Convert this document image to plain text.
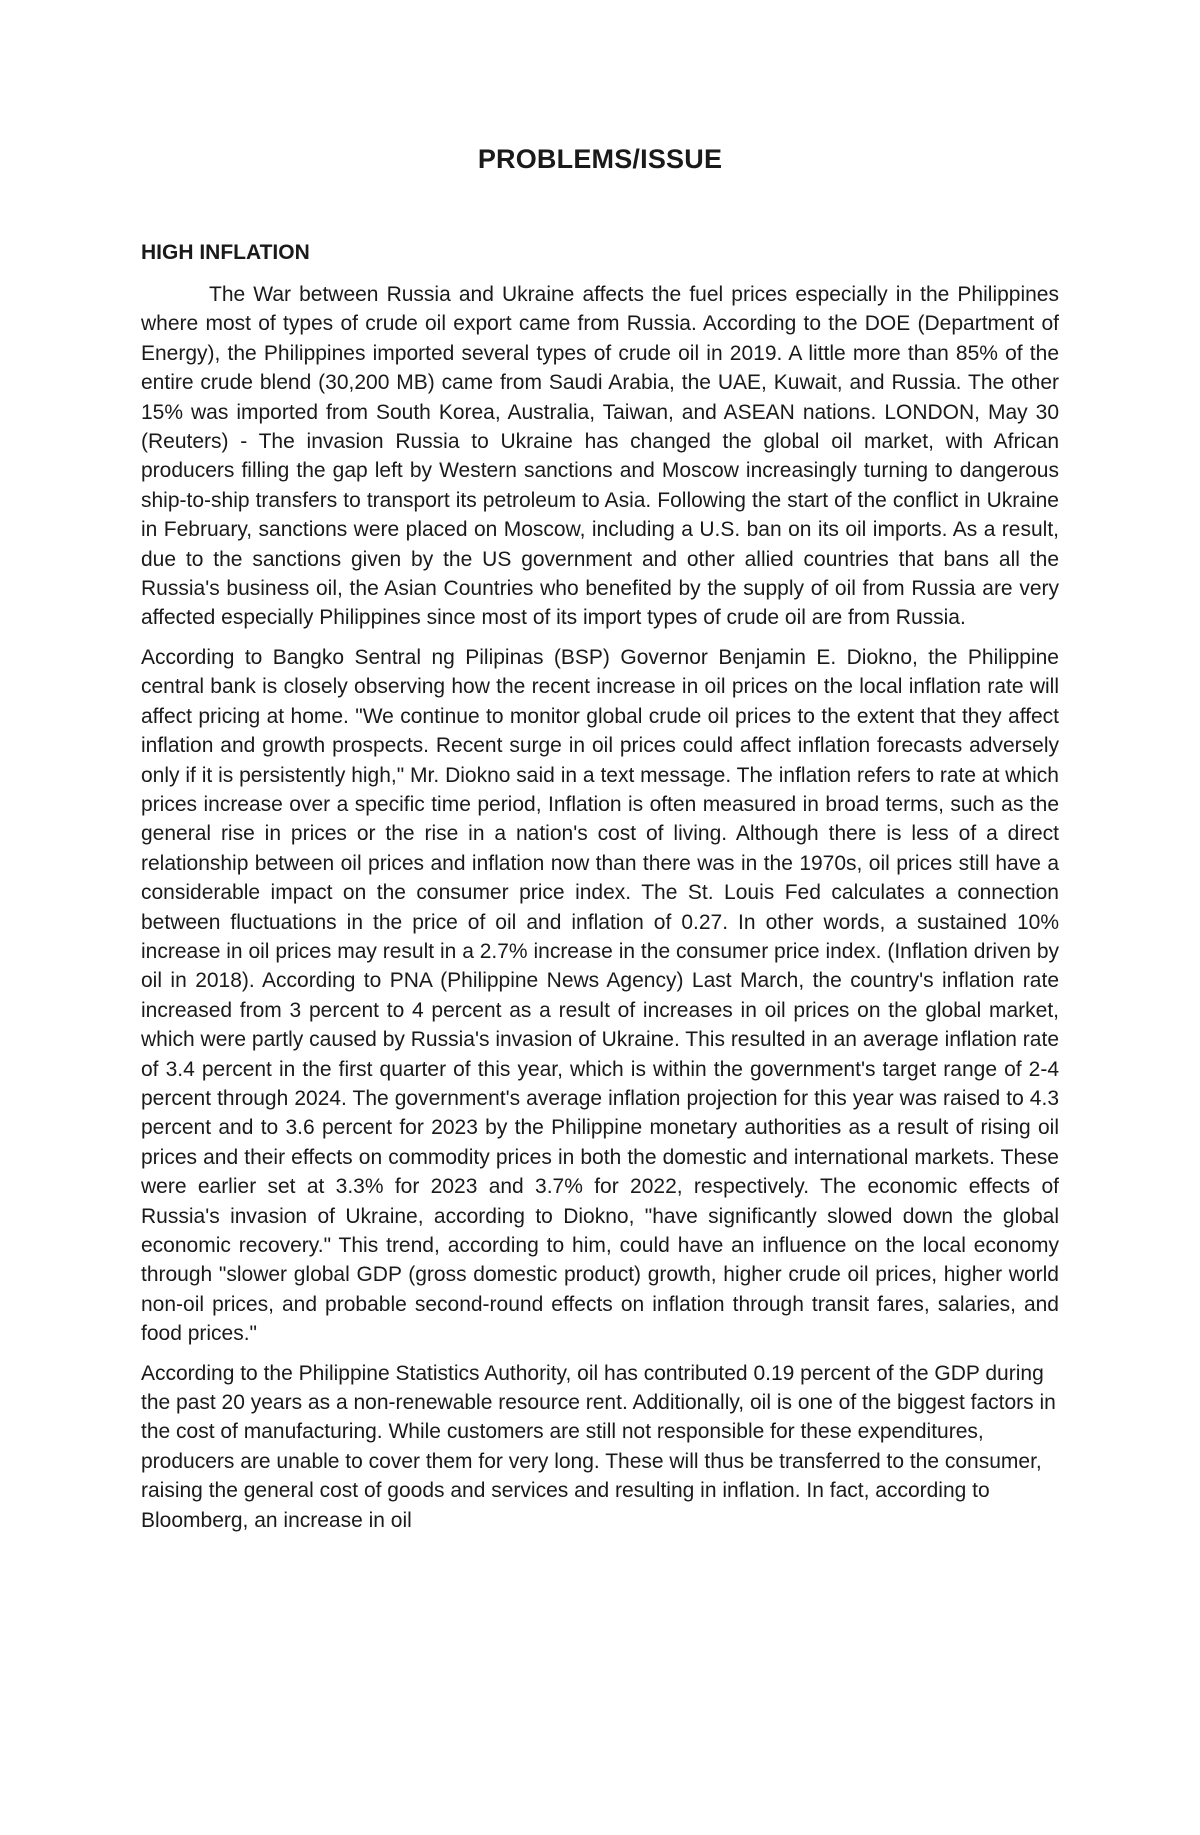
PROBLEMS/ISSUE
HIGH INFLATION

The War between Russia and Ukraine affects the fuel prices especially in the Philippines where most of types of crude oil export came from Russia. According to the DOE (Department of Energy), the Philippines imported several types of crude oil in 2019. A little more than 85% of the entire crude blend (30,200 MB) came from Saudi Arabia, the UAE, Kuwait, and Russia. The other 15% was imported from South Korea, Australia, Taiwan, and ASEAN nations. LONDON, May 30 (Reuters) - The invasion Russia to Ukraine has changed the global oil market, with African producers filling the gap left by Western sanctions and Moscow increasingly turning to dangerous ship-to-ship transfers to transport its petroleum to Asia. Following the start of the conflict in Ukraine in February, sanctions were placed on Moscow, including a U.S. ban on its oil imports. As a result, due to the sanctions given by the US government and other allied countries that bans all the Russia's business oil, the Asian Countries who benefited by the supply of oil from Russia are very affected especially Philippines since most of its import types of crude oil are from Russia.

According to Bangko Sentral ng Pilipinas (BSP) Governor Benjamin E. Diokno, the Philippine central bank is closely observing how the recent increase in oil prices on the local inflation rate will affect pricing at home. "We continue to monitor global crude oil prices to the extent that they affect inflation and growth prospects. Recent surge in oil prices could affect inflation forecasts adversely only if it is persistently high," Mr. Diokno said in a text message. The inflation refers to rate at which prices increase over a specific time period, Inflation is often measured in broad terms, such as the general rise in prices or the rise in a nation's cost of living. Although there is less of a direct relationship between oil prices and inflation now than there was in the 1970s, oil prices still have a considerable impact on the consumer price index. The St. Louis Fed calculates a connection between fluctuations in the price of oil and inflation of 0.27. In other words, a sustained 10% increase in oil prices may result in a 2.7% increase in the consumer price index. (Inflation driven by oil in 2018). According to PNA (Philippine News Agency) Last March, the country's inflation rate increased from 3 percent to 4 percent as a result of increases in oil prices on the global market, which were partly caused by Russia's invasion of Ukraine. This resulted in an average inflation rate of 3.4 percent in the first quarter of this year, which is within the government's target range of 2-4 percent through 2024. The government's average inflation projection for this year was raised to 4.3 percent and to 3.6 percent for 2023 by the Philippine monetary authorities as a result of rising oil prices and their effects on commodity prices in both the domestic and international markets. These were earlier set at 3.3% for 2023 and 3.7% for 2022, respectively. The economic effects of Russia's invasion of Ukraine, according to Diokno, "have significantly slowed down the global economic recovery." This trend, according to him, could have an influence on the local economy through "slower global GDP (gross domestic product) growth, higher crude oil prices, higher world non-oil prices, and probable second-round effects on inflation through transit fares, salaries, and food prices."

According to the Philippine Statistics Authority, oil has contributed 0.19 percent of the GDP during the past 20 years as a non-renewable resource rent. Additionally, oil is one of the biggest factors in the cost of manufacturing. While customers are still not responsible for these expenditures, producers are unable to cover them for very long. These will thus be transferred to the consumer, raising the general cost of goods and services and resulting in inflation. In fact, according to Bloomberg, an increase in oil
